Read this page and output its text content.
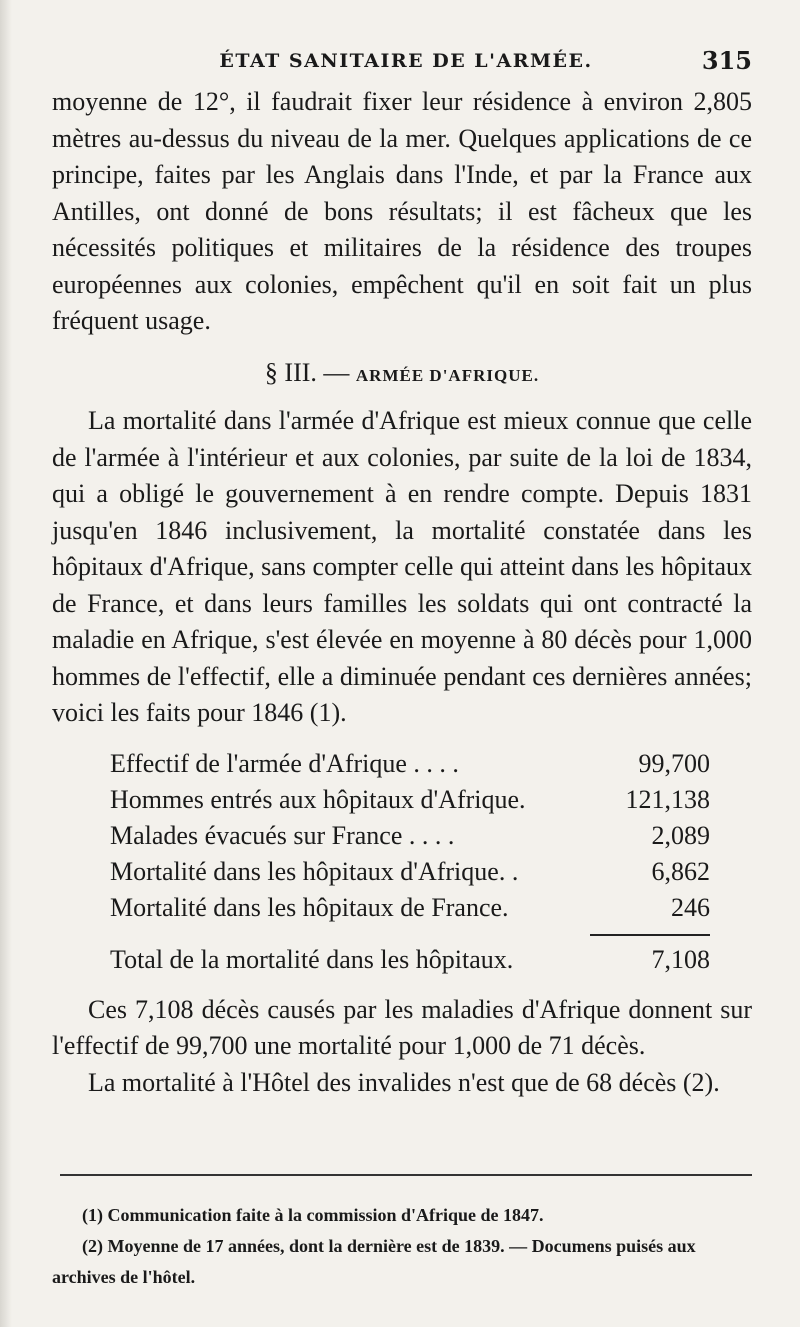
ÉTAT SANITAIRE DE L'ARMÉE.	315

moyenne de 12°, il faudrait fixer leur résidence à environ 2,805 mètres au-dessus du niveau de la mer. Quelques applications de ce principe, faites par les Anglais dans l'Inde, et par la France aux Antilles, ont donné de bons résultats; il est fâcheux que les nécessités politiques et militaires de la résidence des troupes européennes aux colonies, empêchent qu'il en soit fait un plus fréquent usage.

§ III. — ARMÉE D'AFRIQUE.

La mortalité dans l'armée d'Afrique est mieux connue que celle de l'armée à l'intérieur et aux colonies, par suite de la loi de 1834, qui a obligé le gouvernement à en rendre compte. Depuis 1831 jusqu'en 1846 inclusivement, la mortalité constatée dans les hôpitaux d'Afrique, sans compter celle qui atteint dans les hôpitaux de France, et dans leurs familles les soldats qui ont contracté la maladie en Afrique, s'est élevée en moyenne à 80 décès pour 1,000 hommes de l'effectif, elle a diminuée pendant ces dernières années; voici les faits pour 1846 (1).

Effectif de l'armée d'Afrique . . . .	99,700
Hommes entrés aux hôpitaux d'Afrique.	121,138
Malades évacués sur France . . . .	2,089
Mortalité dans les hôpitaux d'Afrique. .	6,862
Mortalité dans les hôpitaux de France.	246
Total de la mortalité dans les hôpitaux.	7,108

Ces 7,108 décès causés par les maladies d'Afrique donnent sur l'effectif de 99,700 une mortalité pour 1,000 de 71 décès.

La mortalité à l'Hôtel des invalides n'est que de 68 décès (2).

(1) Communication faite à la commission d'Afrique de 1847.

(2) Moyenne de 17 années, dont la dernière est de 1839. — Documens puisés aux archives de l'hôtel.
